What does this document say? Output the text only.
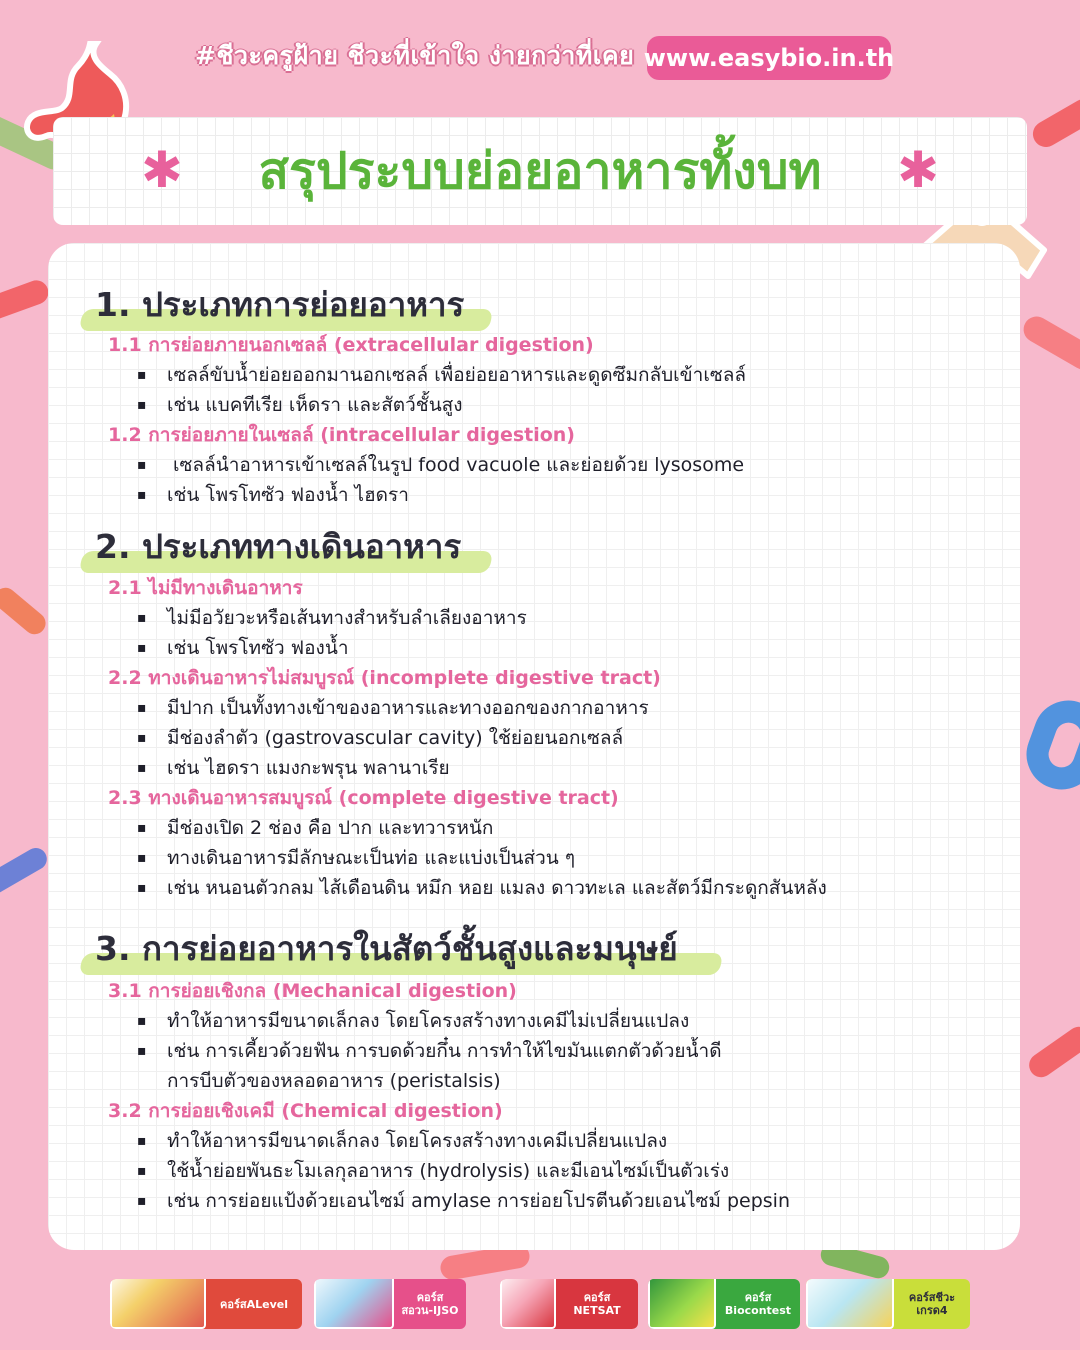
#ชีวะครูฝ้าย ชีวะที่เข้าใจ ง่ายกว่าที่เคย www.easybio.in.th
✱ สรุประบบย่อยอาหารทั้งบท ✱
1. ประเภทการย่อยอาหาร
1.1 การย่อยภายนอกเซลล์ (extracellular digestion)
▪ เซลล์ขับน้ำย่อยออกมานอกเซลล์ เพื่อย่อยอาหารและดูดซึมกลับเข้าเซลล์
▪ เช่น แบคทีเรีย เห็ดรา และสัตว์ชั้นสูง
1.2 การย่อยภายในเซลล์ (intracellular digestion)
▪ เซลล์นำอาหารเข้าเซลล์ในรูป food vacuole และย่อยด้วย lysosome
▪ เช่น โพรโทซัว ฟองน้ำ ไฮดรา
2. ประเภททางเดินอาหาร
2.1 ไม่มีทางเดินอาหาร
▪ ไม่มีอวัยวะหรือเส้นทางสำหรับลำเลียงอาหาร
▪ เช่น โพรโทซัว ฟองน้ำ
2.2 ทางเดินอาหารไม่สมบูรณ์ (incomplete digestive tract)
▪ มีปาก เป็นทั้งทางเข้าของอาหารและทางออกของกากอาหาร
▪ มีช่องลำตัว (gastrovascular cavity) ใช้ย่อยนอกเซลล์
▪ เช่น ไฮดรา แมงกะพรุน พลานาเรีย
2.3 ทางเดินอาหารสมบูรณ์ (complete digestive tract)
▪ มีช่องเปิด 2 ช่อง คือ ปาก และทวารหนัก
▪ ทางเดินอาหารมีลักษณะเป็นท่อ และแบ่งเป็นส่วน ๆ
▪ เช่น หนอนตัวกลม ไส้เดือนดิน หมึก หอย แมลง ดาวทะเล และสัตว์มีกระดูกสันหลัง
3. การย่อยอาหารในสัตว์ชั้นสูงและมนุษย์
3.1 การย่อยเชิงกล (Mechanical digestion)
▪ ทำให้อาหารมีขนาดเล็กลง โดยโครงสร้างทางเคมีไม่เปลี่ยนแปลง
▪ เช่น การเคี้ยวด้วยฟัน การบดด้วยกึ๋น การทำให้ไขมันแตกตัวด้วยน้ำดี
การบีบตัวของหลอดอาหาร (peristalsis)
3.2 การย่อยเชิงเคมี (Chemical digestion)
▪ ทำให้อาหารมีขนาดเล็กลง โดยโครงสร้างทางเคมีเปลี่ยนแปลง
▪ ใช้น้ำย่อยพันธะโมเลกุลอาหาร (hydrolysis) และมีเอนไซม์เป็นตัวเร่ง
▪ เช่น การย่อยแป้งด้วยเอนไซม์ amylase การย่อยโปรตีนด้วยเอนไซม์ pepsin
คอร์สALevel	คอร์ส
สอวน-IJSO
คอร์ส
NETSAT
คอร์ส
Biocontest
คอร์สชีวะ
เกรด4
